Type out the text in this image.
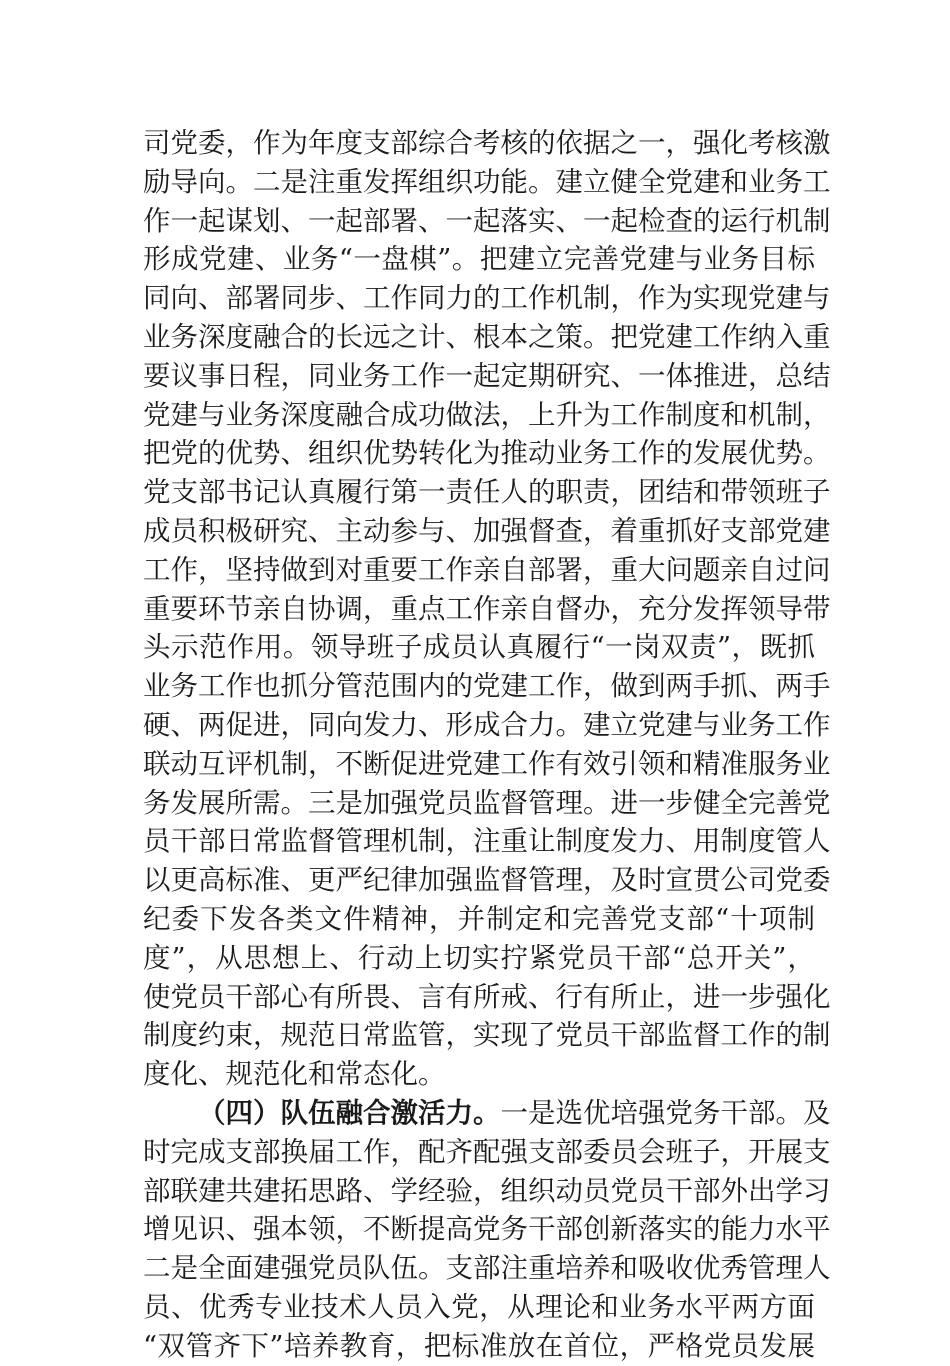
司党委，作为年度支部综合考核的依据之一，强化考核激
励导向。二是注重发挥组织功能。建立健全党建和业务工
作一起谋划、一起部署、一起落实、一起检查的运行机制
形成党建、业务“一盘棋”。把建立完善党建与业务目标
同向、部署同步、工作同力的工作机制，作为实现党建与
业务深度融合的长远之计、根本之策。把党建工作纳入重
要议事日程，同业务工作一起定期研究、一体推进，总结
党建与业务深度融合成功做法，上升为工作制度和机制，
把党的优势、组织优势转化为推动业务工作的发展优势。
党支部书记认真履行第一责任人的职责，团结和带领班子
成员积极研究、主动参与、加强督查，着重抓好支部党建
工作，坚持做到对重要工作亲自部署，重大问题亲自过问
重要环节亲自协调，重点工作亲自督办，充分发挥领导带
头示范作用。领导班子成员认真履行“一岗双责”，既抓
业务工作也抓分管范围内的党建工作，做到两手抓、两手
硬、两促进，同向发力、形成合力。建立党建与业务工作
联动互评机制，不断促进党建工作有效引领和精准服务业
务发展所需。三是加强党员监督管理。进一步健全完善党
员干部日常监督管理机制，注重让制度发力、用制度管人
以更高标准、更严纪律加强监督管理，及时宣贯公司党委
纪委下发各类文件精神，并制定和完善党支部“十项制
度”，从思想上、行动上切实拧紧党员干部“总开关”，
使党员干部心有所畏、言有所戒、行有所止，进一步强化
制度约束，规范日常监管，实现了党员干部监督工作的制
度化、规范化和常态化。
（四）队伍融合激活力。一是选优培强党务干部。及
时完成支部换届工作，配齐配强支部委员会班子，开展支
部联建共建拓思路、学经验，组织动员党员干部外出学习
增见识、强本领，不断提高党务干部创新落实的能力水平
二是全面建强党员队伍。支部注重培养和吸收优秀管理人
员、优秀专业技术人员入党，从理论和业务水平两方面
“双管齐下”培养教育，把标准放在首位，严格党员发展
